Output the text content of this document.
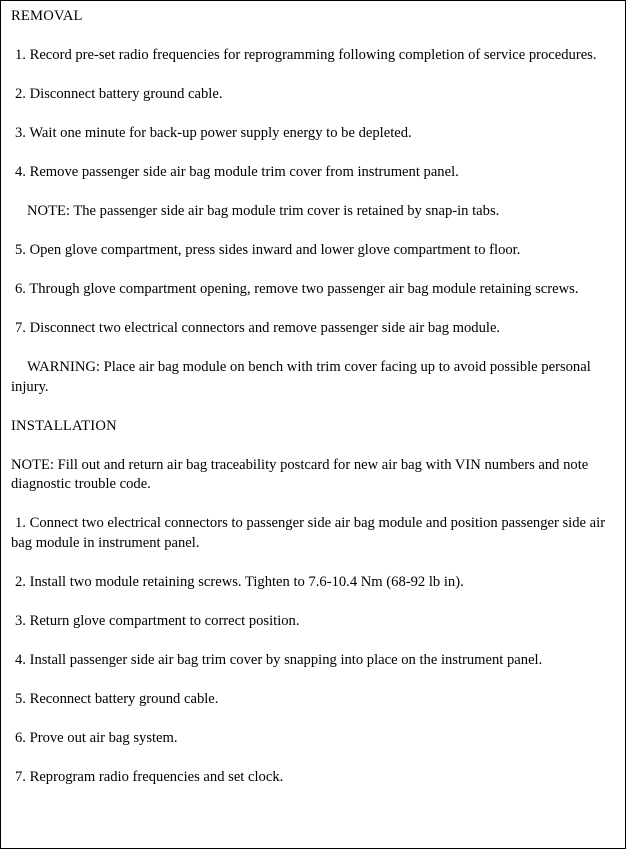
REMOVAL
1. Record pre-set radio frequencies for reprogramming following completion of service procedures.
2. Disconnect battery ground cable.
3. Wait one minute for back-up power supply energy to be depleted.
4. Remove passenger side air bag module trim cover from instrument panel.
NOTE: The passenger side air bag module trim cover is retained by snap-in tabs.
5. Open glove compartment, press sides inward and lower glove compartment to floor.
6. Through glove compartment opening, remove two passenger air bag module retaining screws.
7. Disconnect two electrical connectors and remove passenger side air bag module.
WARNING: Place air bag module on bench with trim cover facing up to avoid possible personal injury.
INSTALLATION
NOTE: Fill out and return air bag traceability postcard for new air bag with VIN numbers and note diagnostic trouble code.
1. Connect two electrical connectors to passenger side air bag module and position passenger side air bag module in instrument panel.
2. Install two module retaining screws. Tighten to 7.6-10.4 Nm (68-92 lb in).
3. Return glove compartment to correct position.
4. Install passenger side air bag trim cover by snapping into place on the instrument panel.
5. Reconnect battery ground cable.
6. Prove out air bag system.
7. Reprogram radio frequencies and set clock.
